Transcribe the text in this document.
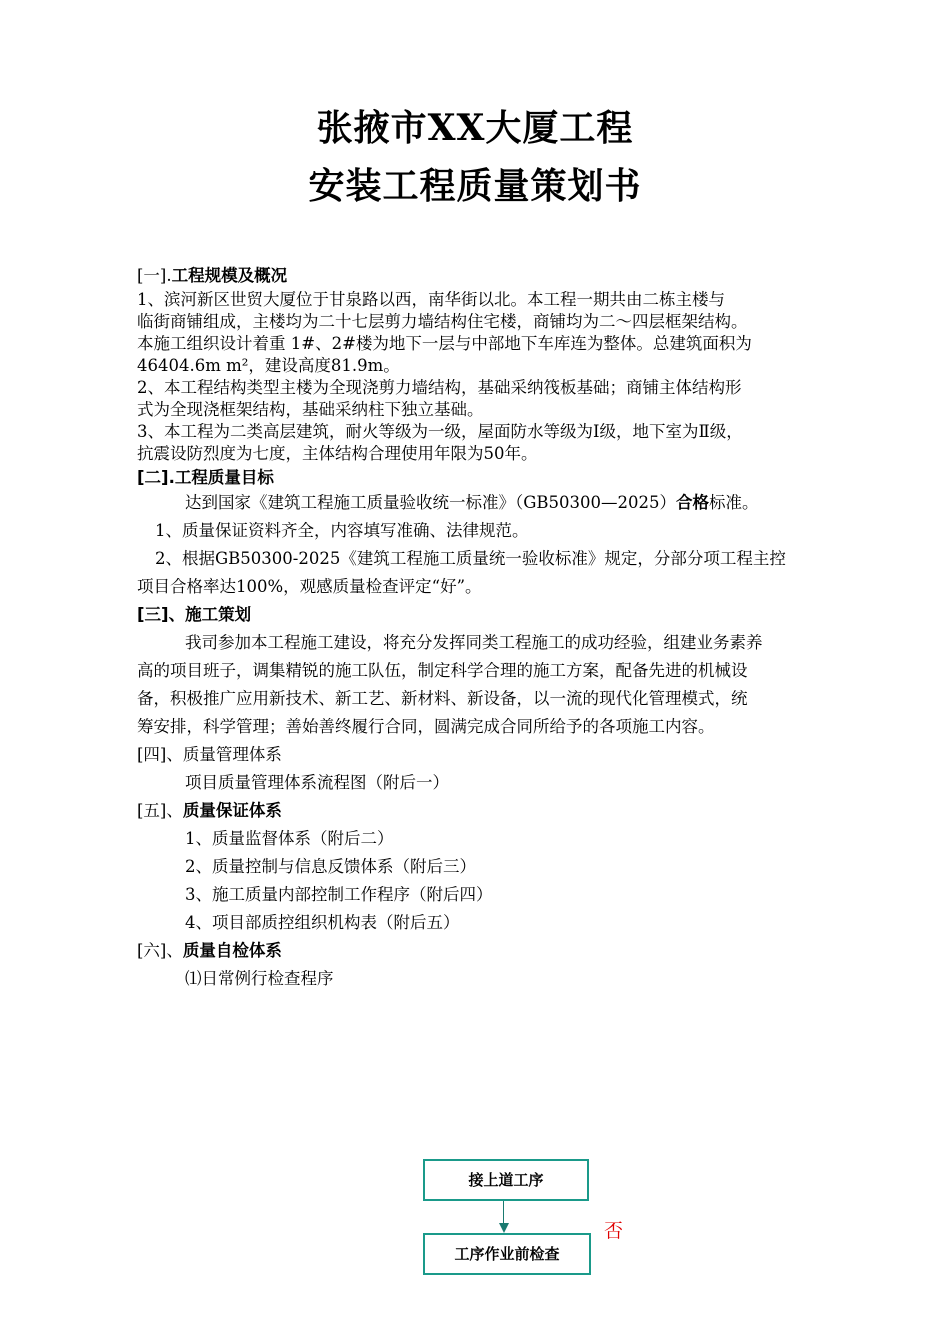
张掖市XX大厦工程
安装工程质量策划书
[一].工程规模及概况
1、滨河新区世贸大厦位于甘泉路以西，南华街以北。本工程一期共由二栋主楼与
临街商铺组成，主楼均为二十七层剪力墙结构住宅楼，商铺均为二～四层框架结构。
本施工组织设计着重 1#、2#楼为地下一层与中部地下车库连为整体。总建筑面积为
46404.6m m²，建设高度81.9m。
2、本工程结构类型主楼为全现浇剪力墙结构，基础采纳筏板基础；商铺主体结构形
式为全现浇框架结构，基础采纳柱下独立基础。
3、本工程为二类高层建筑，耐火等级为一级，屋面防水等级为I级，地下室为Ⅱ级，
抗震设防烈度为七度，主体结构合理使用年限为50年。
[二].工程质量目标
达到国家《建筑工程施工质量验收统一标准》（GB50300—2025）合格标准。
1、质量保证资料齐全，内容填写准确、法律规范。
2、根据GB50300-2025《建筑工程施工质量统一验收标准》规定，分部分项工程主控
项目合格率达100%，观感质量检查评定“好”。
[三]、施工策划
我司参加本工程施工建设，将充分发挥同类工程施工的成功经验，组建业务素养
高的项目班子，调集精锐的施工队伍，制定科学合理的施工方案，配备先进的机械设
备，积极推广应用新技术、新工艺、新材料、新设备，以一流的现代化管理模式，统
筹安排，科学管理；善始善终履行合同，圆满完成合同所给予的各项施工内容。
[四]、质量管理体系
项目质量管理体系流程图（附后一）
[五]、质量保证体系
1、质量监督体系（附后二）
2、质量控制与信息反馈体系（附后三）
3、施工质量内部控制工作程序（附后四）
4、项目部质控组织机构表（附后五）
[六]、质量自检体系
⑴日常例行检查程序
接上道工序
工序作业前检查
否
